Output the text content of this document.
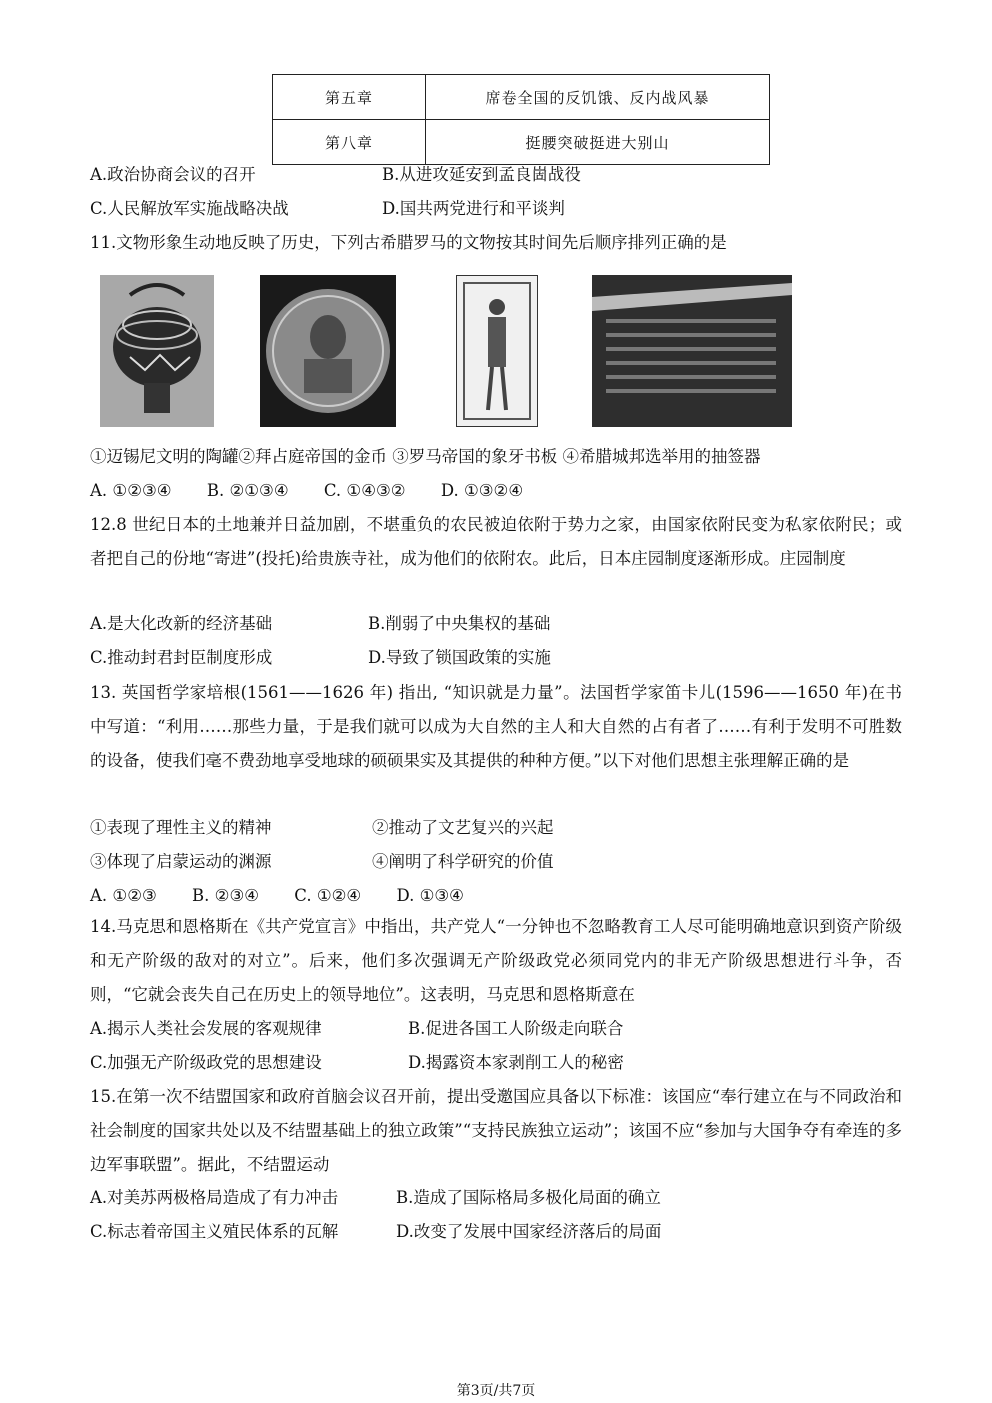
第五章	席卷全国的反饥饿、反内战风暴
第八章	挺腰突破挺进大别山
A.政治协商会议的召开	B.从进攻延安到孟良崮战役
C.人民解放军实施战略决战	D.国共两党进行和平谈判
11.文物形象生动地反映了历史，下列古希腊罗马的文物按其时间先后顺序排列正确的是
①迈锡尼文明的陶罐②拜占庭帝国的金币 ③罗马帝国的象牙书板 ④希腊城邦选举用的抽签器
A. ①②③④ B. ②①③④ C. ①④③② D. ①③②④
12.8 世纪日本的土地兼并日益加剧，不堪重负的农民被迫依附于势力之家，由国家依附民变为私家依附民；或者把自己的份地“寄进”(投托)给贵族寺社，成为他们的依附农。此后，日本庄园制度逐渐形成。庄园制度
A.是大化改新的经济基础	B.削弱了中央集权的基础
C.推动封君封臣制度形成	D.导致了锁国政策的实施
13. 英国哲学家培根(1561——1626 年) 指出, “知识就是力量”。法国哲学家笛卡儿(1596——1650 年)在书中写道：“利用……那些力量，于是我们就可以成为大自然的主人和大自然的占有者了……有利于发明不可胜数的设备，使我们毫不费劲地享受地球的硕硕果实及其提供的种种方便。”以下对他们思想主张理解正确的是
①表现了理性主义的精神	②推动了文艺复兴的兴起
③体现了启蒙运动的渊源	④阐明了科学研究的价值
A. ①②③ B. ②③④ C. ①②④ D. ①③④
14.马克思和恩格斯在《共产党宣言》中指出，共产党人“一分钟也不忽略教育工人尽可能明确地意识到资产阶级和无产阶级的敌对的对立”。后来，他们多次强调无产阶级政党必须同党内的非无产阶级思想进行斗争，否则，“它就会丧失自己在历史上的领导地位”。这表明，马克思和恩格斯意在
A.揭示人类社会发展的客观规律	B.促进各国工人阶级走向联合
C.加强无产阶级政党的思想建设	D.揭露资本家剥削工人的秘密
15.在第一次不结盟国家和政府首脑会议召开前，提出受邀国应具备以下标准：该国应“奉行建立在与不同政治和社会制度的国家共处以及不结盟基础上的独立政策”“支持民族独立运动”；该国不应“参加与大国争夺有牵连的多边军事联盟”。据此，不结盟运动
A.对美苏两极格局造成了有力冲击	B.造成了国际格局多极化局面的确立
C.标志着帝国主义殖民体系的瓦解	D.改变了发展中国家经济落后的局面
第3页/共7页
